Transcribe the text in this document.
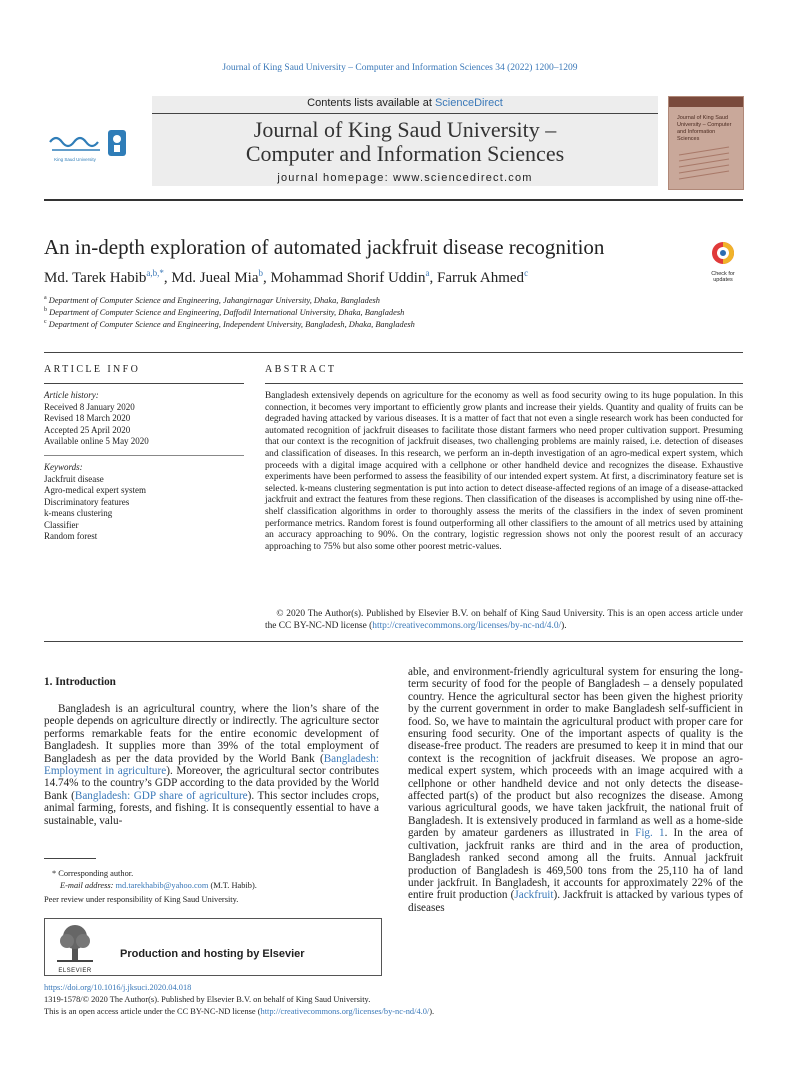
Journal of King Saud University – Computer and Information Sciences 34 (2022) 1200–1209
Contents lists available at ScienceDirect
Journal of King Saud University –
Computer and Information Sciences
journal homepage: www.sciencedirect.com
King Saud University
Journal of King Saud University – Computer and Information Sciences
An in-depth exploration of automated jackfruit disease recognition
Check for updates
Md. Tarek Habib$^{a,b,*}$, Md. Jueal Mia$^b$, Mohammad Shorif Uddin$^a$, Farruk Ahmed$^c$
$^a$ Department of Computer Science and Engineering, Jahangirnagar University, Dhaka, Bangladesh
$^b$ Department of Computer Science and Engineering, Daffodil International University, Dhaka, Bangladesh
$^c$ Department of Computer Science and Engineering, Independent University, Bangladesh, Dhaka, Bangladesh
ARTICLE INFO	ABSTRACT
Article history:
Received 8 January 2020
Revised 18 March 2020
Accepted 25 April 2020
Available online 5 May 2020
Keywords:
Jackfruit disease
Agro-medical expert system
Discriminatory features
k-means clustering
Classifier
Random forest
Bangladesh extensively depends on agriculture for the economy as well as food security owing to its huge population. In this connection, it becomes very important to efficiently grow plants and increase their yields. Quantity and quality of fruits can be degraded having attacked by various diseases. It is a matter of fact that not even a single research work has been conducted for automated recognition of jackfruit diseases to facilitate those distant farmers who need proper cultivation support. Presuming that our context is the recognition of jackfruit diseases, two challenging problems are mainly raised, i.e. detection of diseases and classification of diseases. In this research, we perform an in-depth investigation of an agro-medical expert system, which proceeds with a digital image acquired with a cellphone or other handheld device and recognizes the disease. Exhaustive experiments have been performed to assess the feasibility of our intended expert system. At first, a discriminatory feature set is selected. k-means clustering segmentation is put into action to detect disease-affected regions of an image of a disease-attacked jackfruit and extract the features from these regions. Then classification of the diseases is accomplished by using nine off-the-shelf classification algorithms in order to thoroughly assess the merits of the classifiers in the index of seven prominent performance metrics. Random forest is found outperforming all other classifiers to the amount of all metrics used by attaining an accuracy approaching to 90%. On the contrary, logistic regression shows not only the poorest result of an accuracy approaching to 75% but also some other poorest metric-values.
© 2020 The Author(s). Published by Elsevier B.V. on behalf of King Saud University. This is an open access article under the CC BY-NC-ND license (http://creativecommons.org/licenses/by-nc-nd/4.0/).
1. Introduction
Bangladesh is an agricultural country, where the lion’s share of the people depends on agriculture directly or indirectly. The agriculture sector performs remarkable feats for the entire economic development of Bangladesh. It supplies more than 39% of the total employment of Bangladesh as per the data provided by the World Bank (Bangladesh: Employment in agriculture). Moreover, the agricultural sector contributes 14.74% to the country’s GDP according to the data provided by the World Bank (Bangladesh: GDP share of agriculture). This sector includes crops, animal farming, forests, and fishing. It is consequently essential to have a sustainable, valu-
able, and environment-friendly agricultural system for ensuring the long-term security of food for the people of Bangladesh – a densely populated country. Hence the agricultural sector has been given the highest priority by the current government in order to make Bangladesh self-sufficient in food. So, we have to maintain the agricultural product with proper care for ensuring food security. One of the important aspects of quality is the disease-free product. The readers are presumed to keep it in mind that our context is the recognition of jackfruit diseases. We propose an agro-medical expert system, which proceeds with an image acquired with a cellphone or other handheld device and not only detects the disease-affected part(s) of the product but also recognizes the disease. Among various agricultural goods, we have taken jackfruit, the national fruit of Bangladesh. It is extensively produced in farmland as well as a home-side garden by amateur gardeners as illustrated in Fig. 1. In the area of cultivation, jackfruit ranks are third and in the area of production, Bangladesh ranked second among all the fruits. Annual jackfruit production of Bangladesh is 469,500 tons from the 25,110 ha of land under jackfruit. In Bangladesh, it accounts for approximately 22% of the entire fruit production (Jackfruit). Jackfruit is attacked by various types of diseases
* Corresponding author.
E-mail address: md.tarekhabib@yahoo.com (M.T. Habib).
Peer review under responsibility of King Saud University.
ELSEVIER
Production and hosting by Elsevier
https://doi.org/10.1016/j.jksuci.2020.04.018
1319-1578/© 2020 The Author(s). Published by Elsevier B.V. on behalf of King Saud University.
This is an open access article under the CC BY-NC-ND license (http://creativecommons.org/licenses/by-nc-nd/4.0/).
